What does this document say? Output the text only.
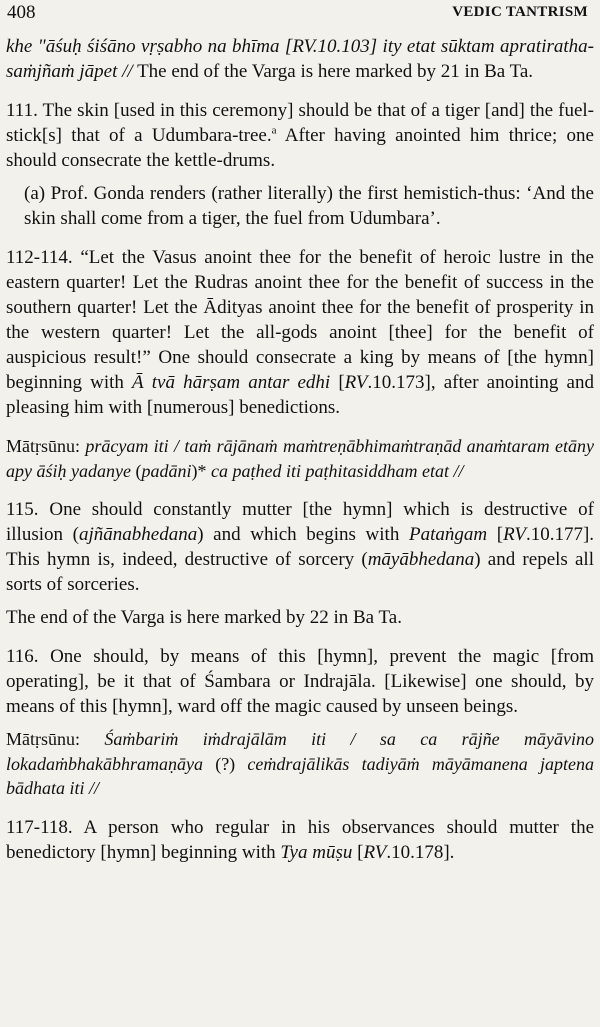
408	VEDIC TANTRISM

khe "āśuḥ śiśāno vṛṣabho na bhīma [RV.10.103] ity etat sūktam apratiratha-saṁjñaṁ jāpet // The end of the Varga is here marked by 21 in Ba Ta.

111. The skin [used in this ceremony] should be that of a tiger [and] the fuel-stick[s] that of a Udumbara-tree.$^a$ After having anointed him thrice; one should consecrate the kettle-drums.

(a) Prof. Gonda renders (rather literally) the first hemistich-thus: ‘And the skin shall come from a tiger, the fuel from Udumbara’.

112-114. “Let the Vasus anoint thee for the benefit of heroic lustre in the eastern quarter! Let the Rudras anoint thee for the benefit of success in the southern quarter! Let the Ādityas anoint thee for the benefit of prosperity in the western quarter! Let the all-gods anoint [thee] for the benefit of auspicious result!” One should consecrate a king by means of [the hymn] beginning with Ā tvā hārṣam antar edhi [RV.10.173], after anointing and pleasing him with [numerous] benedictions.

Mātṛsūnu: prācyam iti / taṁ rājānaṁ maṁtreṇābhimaṁtraṇād anaṁtaram etāny apy āśiḥ yadanye (padāni)* ca paṭhed iti paṭhitasiddham etat //

115. One should constantly mutter [the hymn] which is destructive of illusion (ajñānabhedana) and which begins with Pataṅgam [RV.10.177]. This hymn is, indeed, destructive of sorcery (māyābhedana) and repels all sorts of sorceries.

The end of the Varga is here marked by 22 in Ba Ta.

116. One should, by means of this [hymn], prevent the magic [from operating], be it that of Śambara or Indrajāla. [Likewise] one should, by means of this [hymn], ward off the magic caused by unseen beings.

Mātṛsūnu: Śaṁbariṁ iṁdrajālām iti / sa ca rājñe māyāvino lokadaṁbhakābhramaṇāya (?) ceṁdrajālikās tadiyāṁ māyāmanena japtena bādhata iti //

117-118. A person who regular in his observances should mutter the benedictory [hymn] beginning with Tya mūṣu [RV.10.178].
